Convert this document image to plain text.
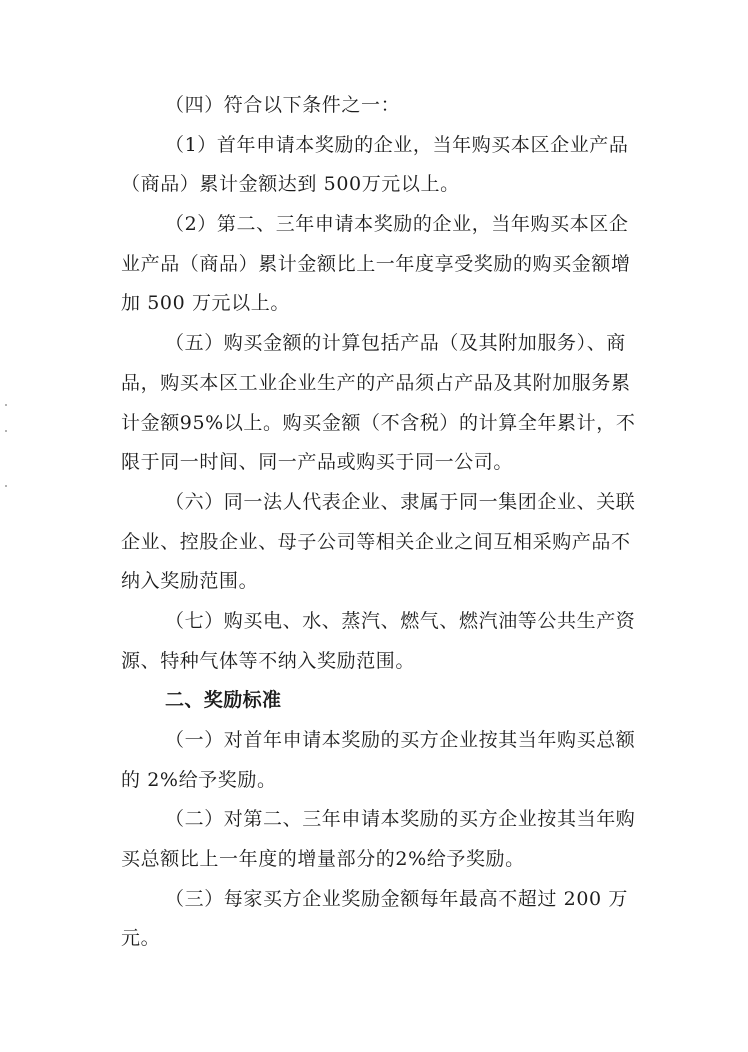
（四）符合以下条件之一：
（1）首年申请本奖励的企业，当年购买本区企业产品
（商品）累计金额达到 500万元以上。
（2）第二、三年申请本奖励的企业，当年购买本区企
业产品（商品）累计金额比上一年度享受奖励的购买金额增
加 500 万元以上。
（五）购买金额的计算包括产品（及其附加服务）、商
品，购买本区工业企业生产的产品须占产品及其附加服务累
计金额95%以上。购买金额（不含税）的计算全年累计，不
限于同一时间、同一产品或购买于同一公司。
（六）同一法人代表企业、隶属于同一集团企业、关联
企业、控股企业、母子公司等相关企业之间互相采购产品不
纳入奖励范围。
（七）购买电、水、蒸汽、燃气、燃汽油等公共生产资
源、特种气体等不纳入奖励范围。
二、奖励标准
（一）对首年申请本奖励的买方企业按其当年购买总额
的 2%给予奖励。
（二）对第二、三年申请本奖励的买方企业按其当年购
买总额比上一年度的增量部分的2%给予奖励。
（三）每家买方企业奖励金额每年最高不超过 200 万
元。
